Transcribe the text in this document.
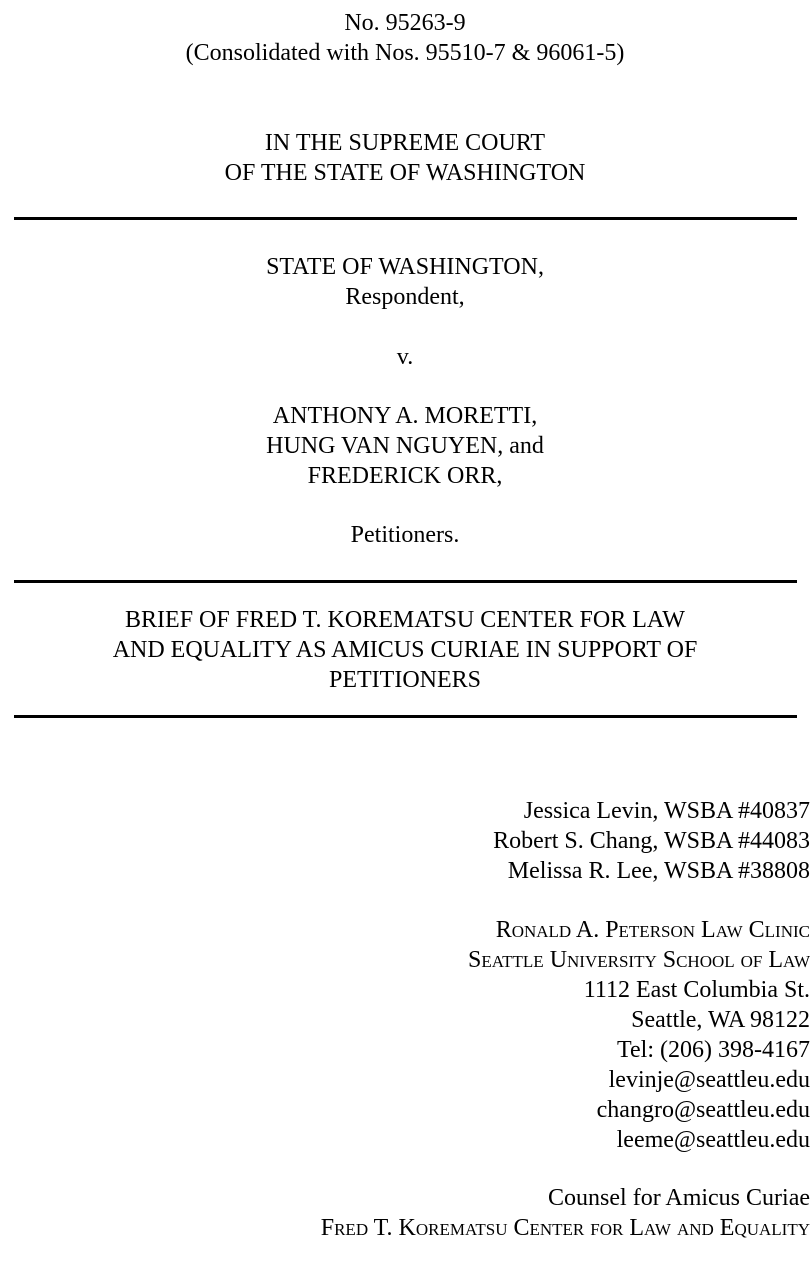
No. 95263-9
(Consolidated with Nos. 95510-7 & 96061-5)
IN THE SUPREME COURT
OF THE STATE OF WASHINGTON
STATE OF WASHINGTON,
Respondent,
v.
ANTHONY A. MORETTI,
HUNG VAN NGUYEN, and
FREDERICK ORR,
Petitioners.
BRIEF OF FRED T. KOREMATSU CENTER FOR LAW
AND EQUALITY AS AMICUS CURIAE IN SUPPORT OF
PETITIONERS
Jessica Levin, WSBA #40837
Robert S. Chang, WSBA #44083
Melissa R. Lee, WSBA #38808
Ronald A. Peterson Law Clinic
Seattle University School of Law
1112 East Columbia St.
Seattle, WA 98122
Tel: (206) 398-4167
levinje@seattleu.edu
changro@seattleu.edu
leeme@seattleu.edu
Counsel for Amicus Curiae
Fred T. Korematsu Center for Law and Equality
